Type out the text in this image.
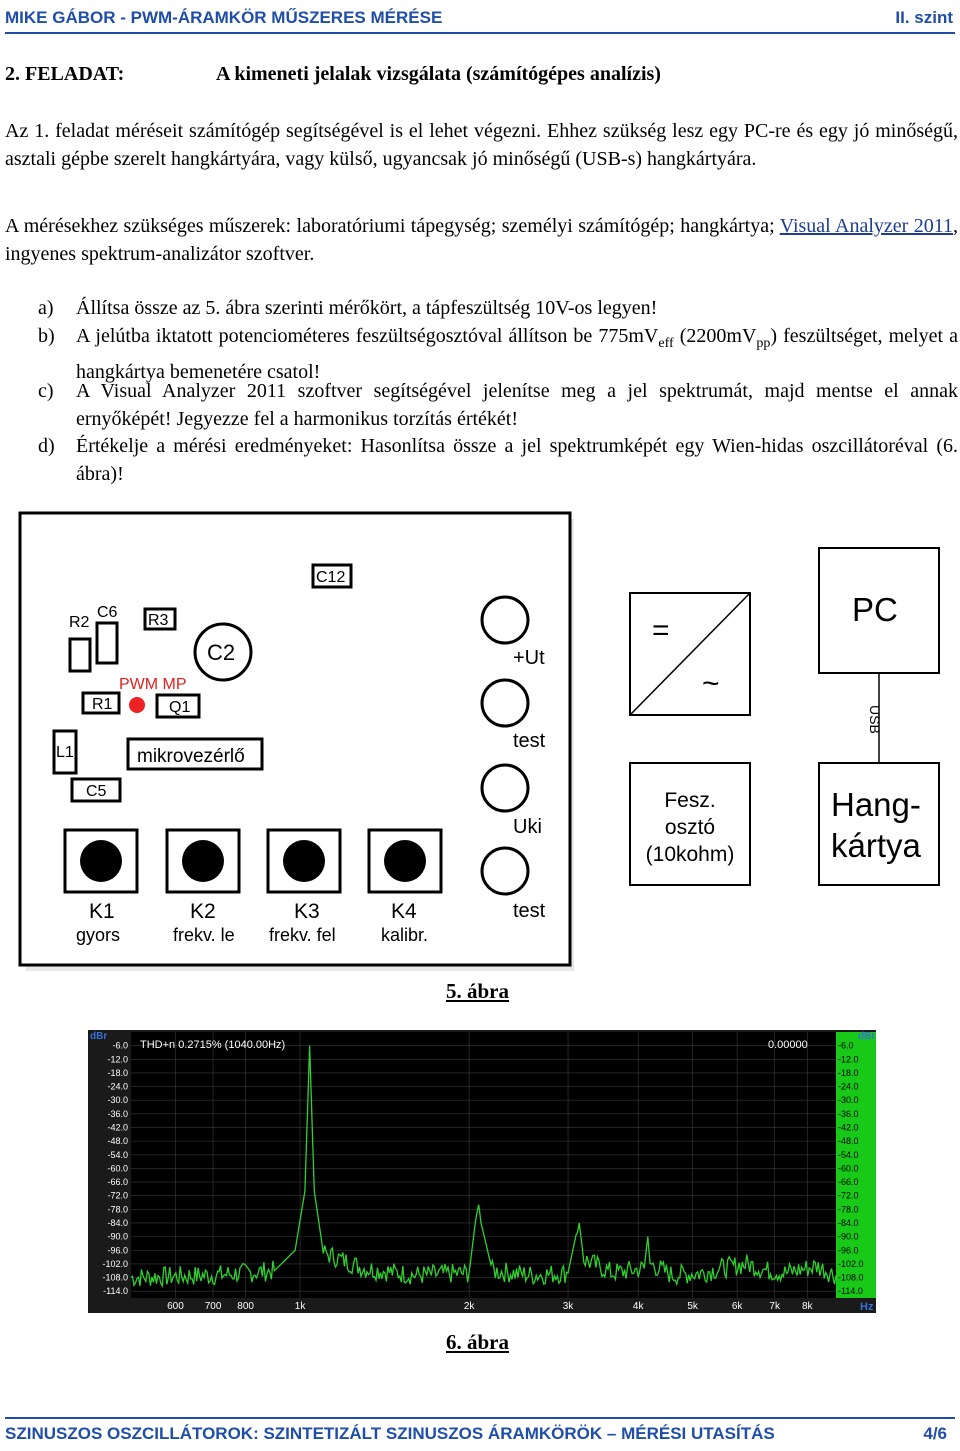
MIKE GÁBOR - PWM-ÁRAMKÖR MŰSZERES MÉRÉSE	II. szint
2. FELADAT:	A kimeneti jelalak vizsgálata (számítógépes analízis)
Az 1. feladat méréseit számítógép segítségével is el lehet végezni. Ehhez szükség lesz egy PC-re és egy jó minőségű, asztali gépbe szerelt hangkártyára, vagy külső, ugyancsak jó minőségű (USB-s) hangkártyára.
A mérésekhez szükséges műszerek: laboratóriumi tápegység; személyi számítógép; hangkártya; Visual Analyzer 2011, ingyenes spektrum-analizátor szoftver.
a) Állítsa össze az 5. ábra szerinti mérőkört, a tápfeszültség 10V-os legyen!
b) A jelútba iktatott potenciométeres feszültségosztóval állítson be $775mV_{eff}$ $(2200mV_{pp})$ feszültséget, melyet a hangkártya bemenetére csatol!
c) A Visual Analyzer 2011 szoftver segítségével jelenítse meg a jel spektrumát, majd mentse el annak ernyőképét! Jegyezze fel a harmonikus torzítás értékét!
d) Értékelje a mérési eredményeket: Hasonlítsa össze a jel spektrumképét egy Wien-hidas oszcillátoréval (6. ábra)!
C12
R2
C6 R3
C2
PWM MP
R1	Q1
L1	mikrovezérlő
C5
K1
gyors
K2
frekv. le
K3
frekv. fel
K4
kalibr.
+Ut
test
Uki
test
=
~
PC
USB
Fesz.
osztó
(10kohm)
Hang-
kártya
5. ábra
-6.0
-12.0
-18.0
-24.0
-30.0
-36.0
-42.0
-48.0
-54.0
-60.0
-66.0
-72.0
-78.0
-84.0
-90.0
-96.0
-102.0
-108.0
-114.0
-6.0
-12.0
-18.0
-24.0
-30.0
-36.0
-42.0
-48.0
-54.0
-60.0
-66.0
-72.0
-78.0
-84.0
-90.0
-96.0
-102.0
-108.0
-114.0
600 700 800	1k	2k	3k	4k	5k	6k	7k 8k
THD+n 0.2715% (1040.00Hz)	0.00000
dBr	dBr
Hz
6. ábra
SZINUSZOS OSZCILLÁTOROK: SZINTETIZÁLT SZINUSZOS ÁRAMKÖRÖK – MÉRÉSI UTASÍTÁS	4/6
